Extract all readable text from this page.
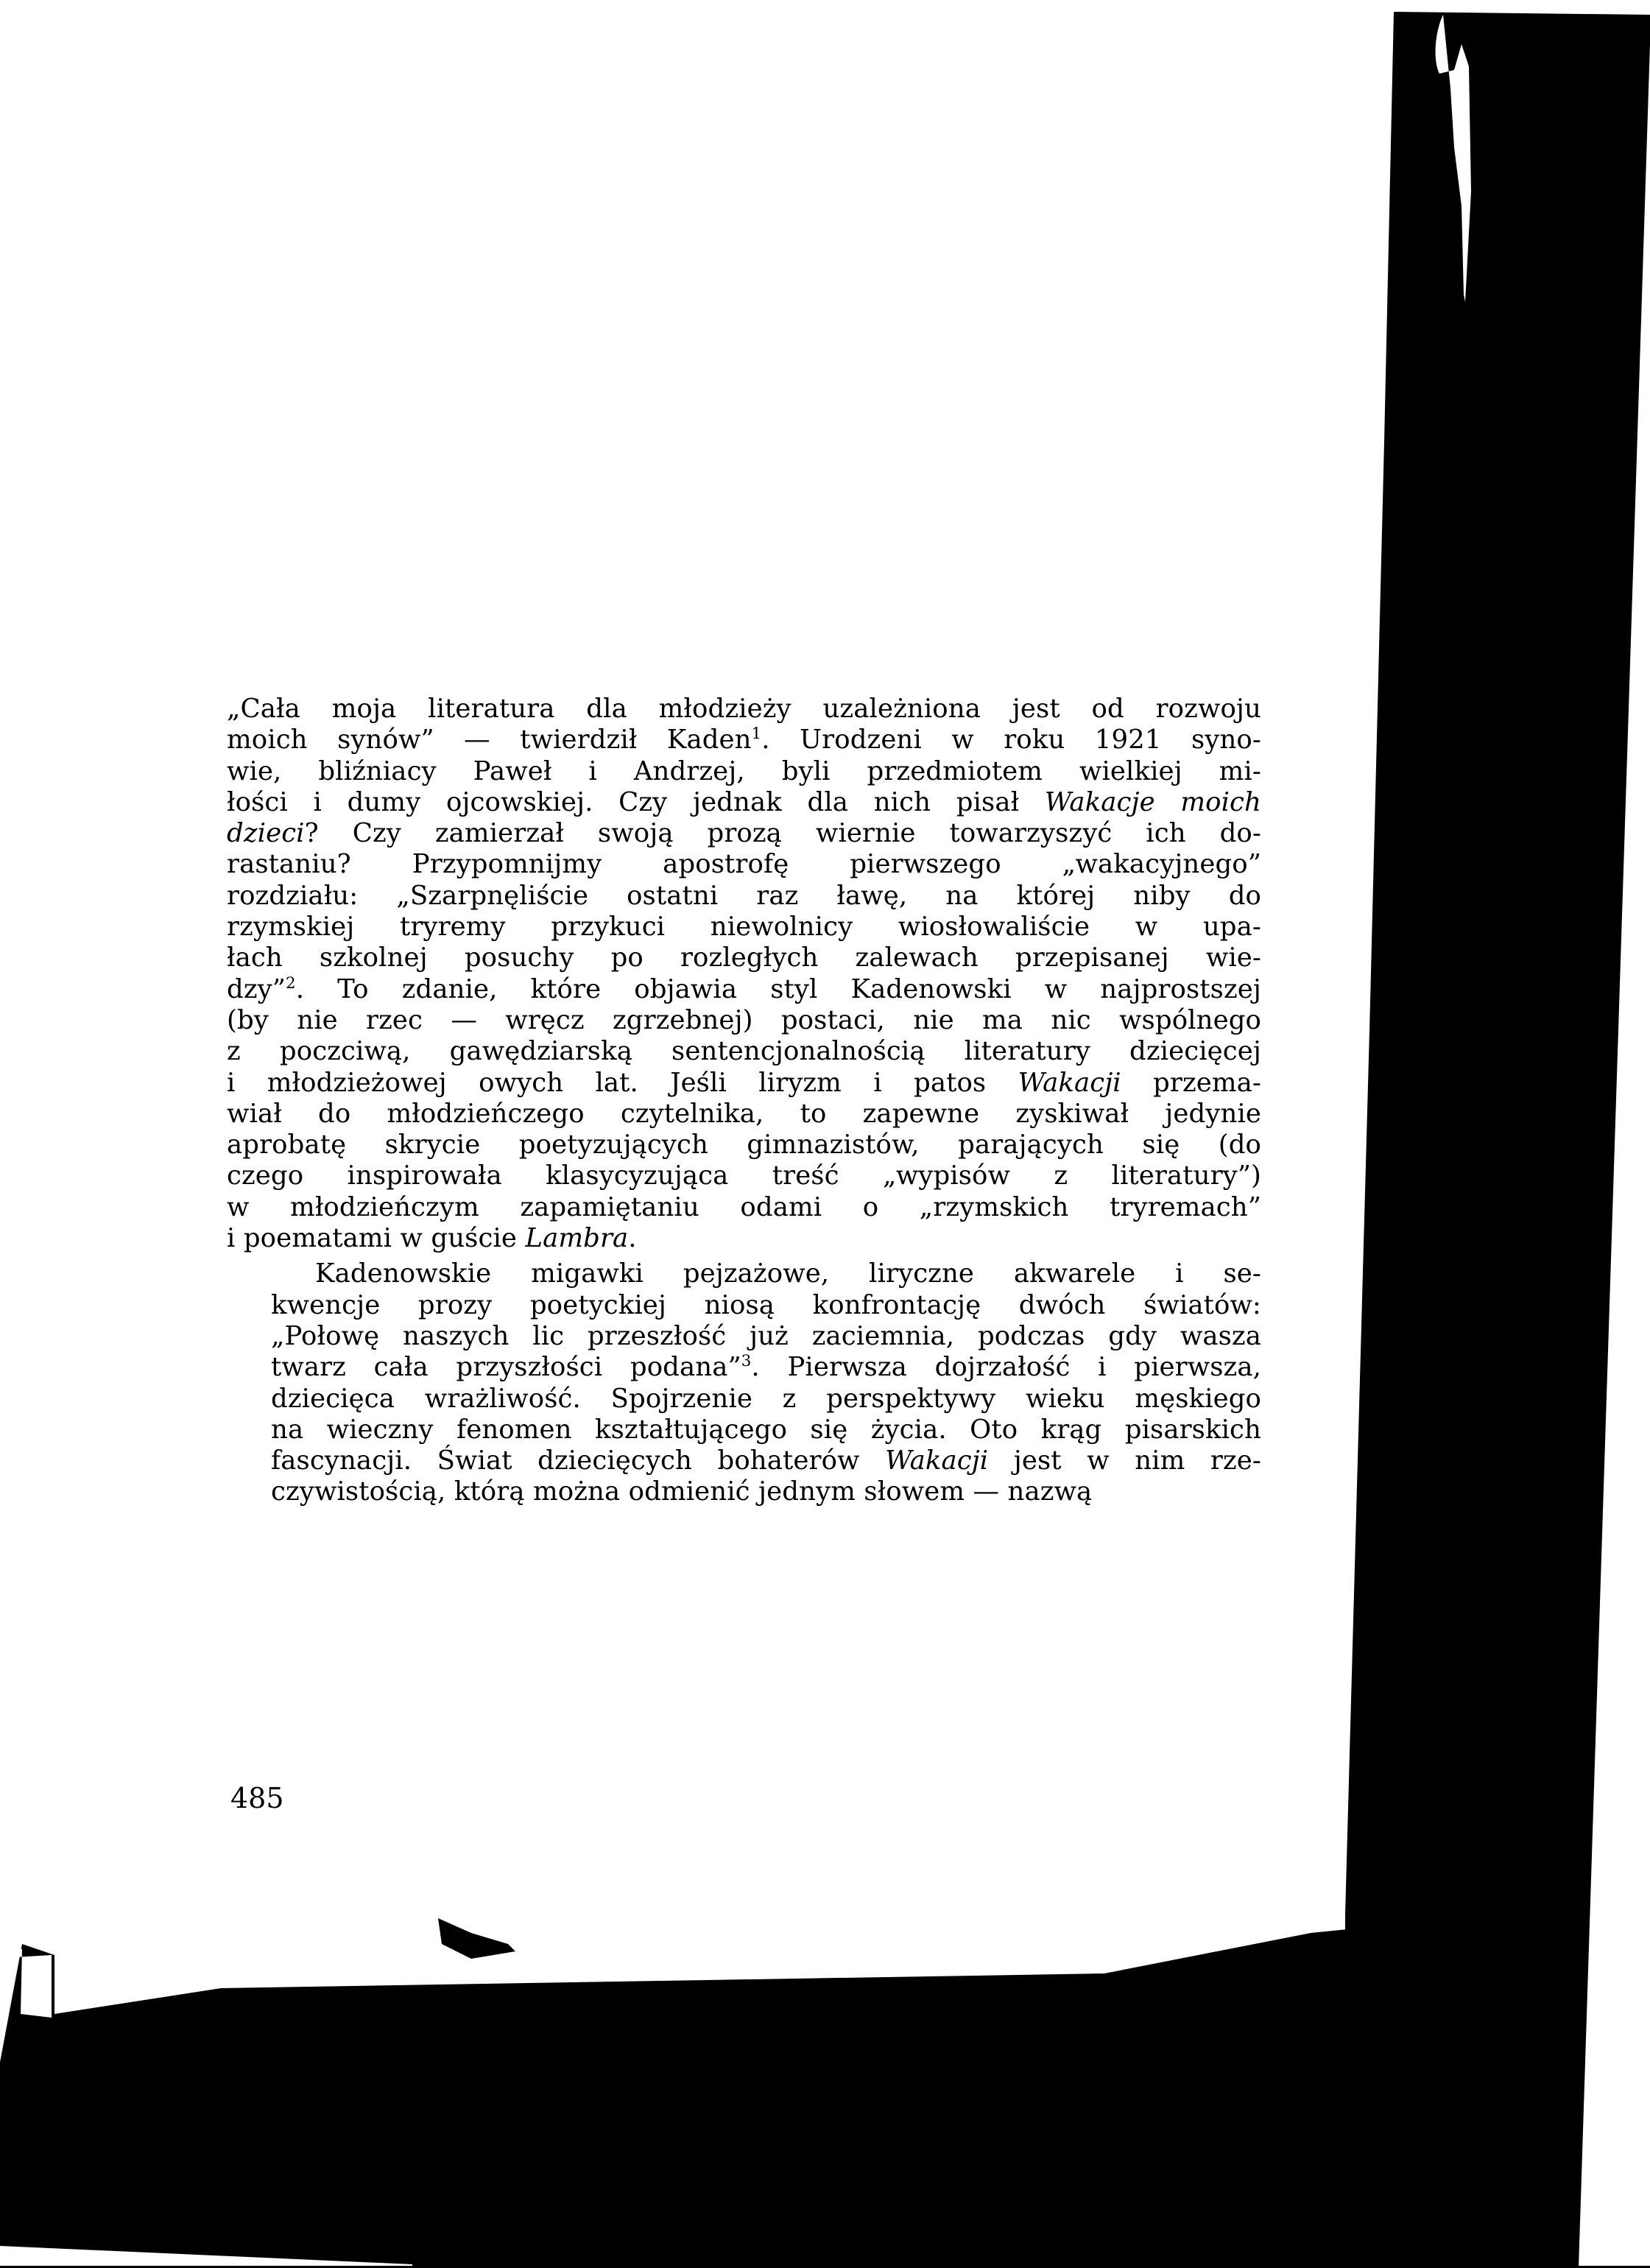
„Cała moja literatura dla młodzieży uzależniona jest od rozwoju
moich synów” — twierdził Kaden$^1$. Urodzeni w roku 1921 syno-
wie, bliźniacy Paweł i Andrzej, byli przedmiotem wielkiej mi-
łości i dumy ojcowskiej. Czy jednak dla nich pisał Wakacje moich
dzieci? Czy zamierzał swoją prozą wiernie towarzyszyć ich do-
rastaniu? Przypomnijmy apostrofę pierwszego „wakacyjnego”
rozdziału: „Szarpnęliście ostatni raz ławę, na której niby do
rzymskiej tryremy przykuci niewolnicy wiosłowaliście w upa-
łach szkolnej posuchy po rozległych zalewach przepisanej wie-
dzy”$^2$. To zdanie, które objawia styl Kadenowski w najprostszej
(by nie rzec — wręcz zgrzebnej) postaci, nie ma nic wspólnego
z poczciwą, gawędziarską sentencjonalnością literatury dziecięcej
i młodzieżowej owych lat. Jeśli liryzm i patos Wakacji przema-
wiał do młodzieńczego czytelnika, to zapewne zyskiwał jedynie
aprobatę skrycie poetyzujących gimnazistów, parających się (do
czego inspirowała klasycyzująca treść „wypisów z literatury”)
w młodzieńczym zapamiętaniu odami o „rzymskich tryremach”
i poematami w guście Lambra.
Kadenowskie migawki pejzażowe, liryczne akwarele i se-
kwencje prozy poetyckiej niosą konfrontację dwóch światów:
„Połowę naszych lic przeszłość już zaciemnia, podczas gdy wasza
twarz cała przyszłości podana”$^3$. Pierwsza dojrzałość i pierwsza,
dziecięca wrażliwość. Spojrzenie z perspektywy wieku męskiego
na wieczny fenomen kształtującego się życia. Oto krąg pisarskich
fascynacji. Świat dziecięcych bohaterów Wakacji jest w nim rze-
czywistością, którą można odmienić jednym słowem — nazwą
485
